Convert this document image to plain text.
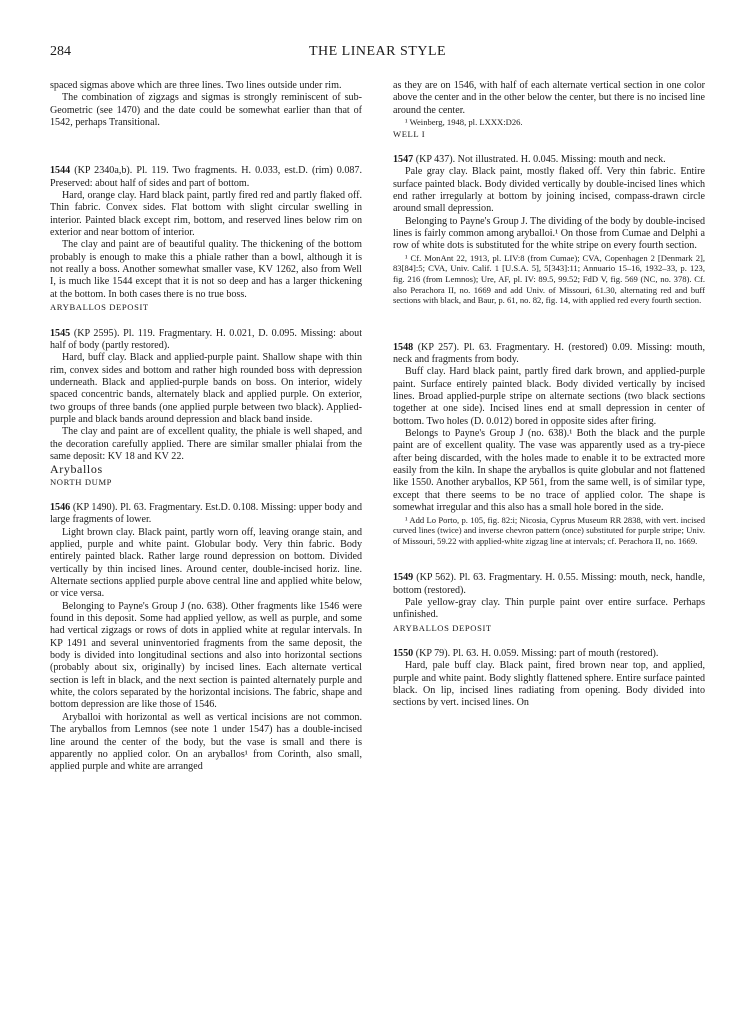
284	THE LINEAR STYLE

spaced sigmas above which are three lines. Two lines outside under rim.

The combination of zigzags and sigmas is strongly reminiscent of sub-Geometric (see 1470) and the date could be somewhat earlier than that of 1542, perhaps Transitional.

1544 (KP 2340a,b). Pl. 119. Two fragments. H. 0.033, est.D. (rim) 0.087. Preserved: about half of sides and part of bottom.

Hard, orange clay. Hard black paint, partly fired red and partly flaked off. Thin fabric. Convex sides. Flat bottom with slight circular swelling in interior. Painted black except rim, bottom, and reserved lines below rim on exterior and near bottom of interior.

The clay and paint are of beautiful quality. The thickening of the bottom probably is enough to make this a phiale rather than a bowl, although it is not really a boss. Another somewhat smaller vase, KV 1262, also from Well I, is much like 1544 except that it is not so deep and has a larger thickening at the bottom. In both cases there is no true boss.

ARYBALLOS DEPOSIT

1545 (KP 2595). Pl. 119. Fragmentary. H. 0.021, D. 0.095. Missing: about half of body (partly restored).

Hard, buff clay. Black and applied-purple paint. Shallow shape with thin rim, convex sides and bottom and rather high rounded boss with depression underneath. Black and applied-purple bands on boss. On interior, widely spaced concentric bands, alternately black and applied purple. On exterior, two groups of three bands (one applied purple between two black). Applied-purple and black bands around depression and black band inside.

The clay and paint are of excellent quality, the phiale is well shaped, and the decoration carefully applied. There are similar smaller phialai from the same deposit: KV 18 and KV 22.

Aryballos

NORTH DUMP

1546 (KP 1490). Pl. 63. Fragmentary. Est.D. 0.108. Missing: upper body and large fragments of lower.

Light brown clay. Black paint, partly worn off, leaving orange stain, and applied, purple and white paint. Globular body. Very thin fabric. Body entirely painted black. Rather large round depression on bottom. Divided vertically by thin incised lines. Around center, double-incised horiz. line. Alternate sections applied purple above central line and applied white below, or vice versa.

Belonging to Payne's Group J (no. 638). Other fragments like 1546 were found in this deposit. Some had applied yellow, as well as purple, and some had vertical zigzags or rows of dots in applied white at regular intervals. In KP 1491 and several uninventoried fragments from the same deposit, the body is divided into longitudinal sections and also into horizontal sections (probably about six, originally) by incised lines. Each alternate vertical section is left in black, and the next section is painted alternately purple and white, the colors separated by the horizontal incisions. The fabric, shape and bottom depression are like those of 1546.

Aryballoi with horizontal as well as vertical incisions are not common. The aryballos from Lemnos (see note 1 under 1547) has a double-incised line around the center of the body, but the vase is small and there is apparently no applied color. On an aryballos¹ from Corinth, also small, applied purple and white are arranged

as they are on 1546, with half of each alternate vertical section in one color above the center and in the other below the center, but there is no incised line around the center.

¹ Weinberg, 1948, pl. LXXX:D26.

WELL I

1547 (KP 437). Not illustrated. H. 0.045. Missing: mouth and neck.

Pale gray clay. Black paint, mostly flaked off. Very thin fabric. Entire surface painted black. Body divided vertically by double-incised lines which end rather irregularly at bottom by joining incised, compass-drawn circle around small depression.

Belonging to Payne's Group J. The dividing of the body by double-incised lines is fairly common among aryballoi.¹ On those from Cumae and Delphi a row of white dots is substituted for the white stripe on every fourth section.

¹ Cf. MonAnt 22, 1913, pl. LIV:8 (from Cumae); CVA, Copenhagen 2 [Denmark 2], 83[84]:5; CVA, Univ. Calif. 1 [U.S.A. 5], 5[343]:11; Annuario 15–16, 1932–33, p. 123, fig. 216 (from Lemnos); Ure, AF, pl. IV: 89.5, 99.52; FdD V, fig. 569 (NC, no. 378). Cf. also Perachora II, no. 1669 and add Univ. of Missouri, 61.30, alternating red and buff sections with black, and Baur, p. 61, no. 82, fig. 14, with applied red every fourth section.

1548 (KP 257). Pl. 63. Fragmentary. H. (restored) 0.09. Missing: mouth, neck and fragments from body.

Buff clay. Hard black paint, partly fired dark brown, and applied-purple paint. Surface entirely painted black. Body divided vertically by incised lines. Broad applied-purple stripe on alternate sections (two black sections together at one side). Incised lines end at small depression in center of bottom. Two holes (D. 0.012) bored in opposite sides after firing.

Belongs to Payne's Group J (no. 638).¹ Both the black and the purple paint are of excellent quality. The vase was apparently used as a try-piece after being discarded, with the holes made to enable it to be extracted more easily from the kiln. In shape the aryballos is quite globular and not flattened like 1550. Another aryballos, KP 561, from the same well, is of similar type, except that there seems to be no trace of applied color. The shape is somewhat irregular and this also has a small hole bored in the side.

¹ Add Lo Porto, p. 105, fig. 82:i; Nicosia, Cyprus Museum RR 2838, with vert. incised curved lines (twice) and inverse chevron pattern (once) substituted for purple stripe; Univ. of Missouri, 59.22 with applied-white zigzag line at intervals; cf. Perachora II, no. 1669.

1549 (KP 562). Pl. 63. Fragmentary. H. 0.55. Missing: mouth, neck, handle, bottom (restored).

Pale yellow-gray clay. Thin purple paint over entire surface. Perhaps unfinished.

ARYBALLOS DEPOSIT

1550 (KP 79). Pl. 63. H. 0.059. Missing: part of mouth (restored).

Hard, pale buff clay. Black paint, fired brown near top, and applied, purple and white paint. Body slightly flattened sphere. Entire surface painted black. On lip, incised lines radiating from opening. Body divided into sections by vert. incised lines. On
